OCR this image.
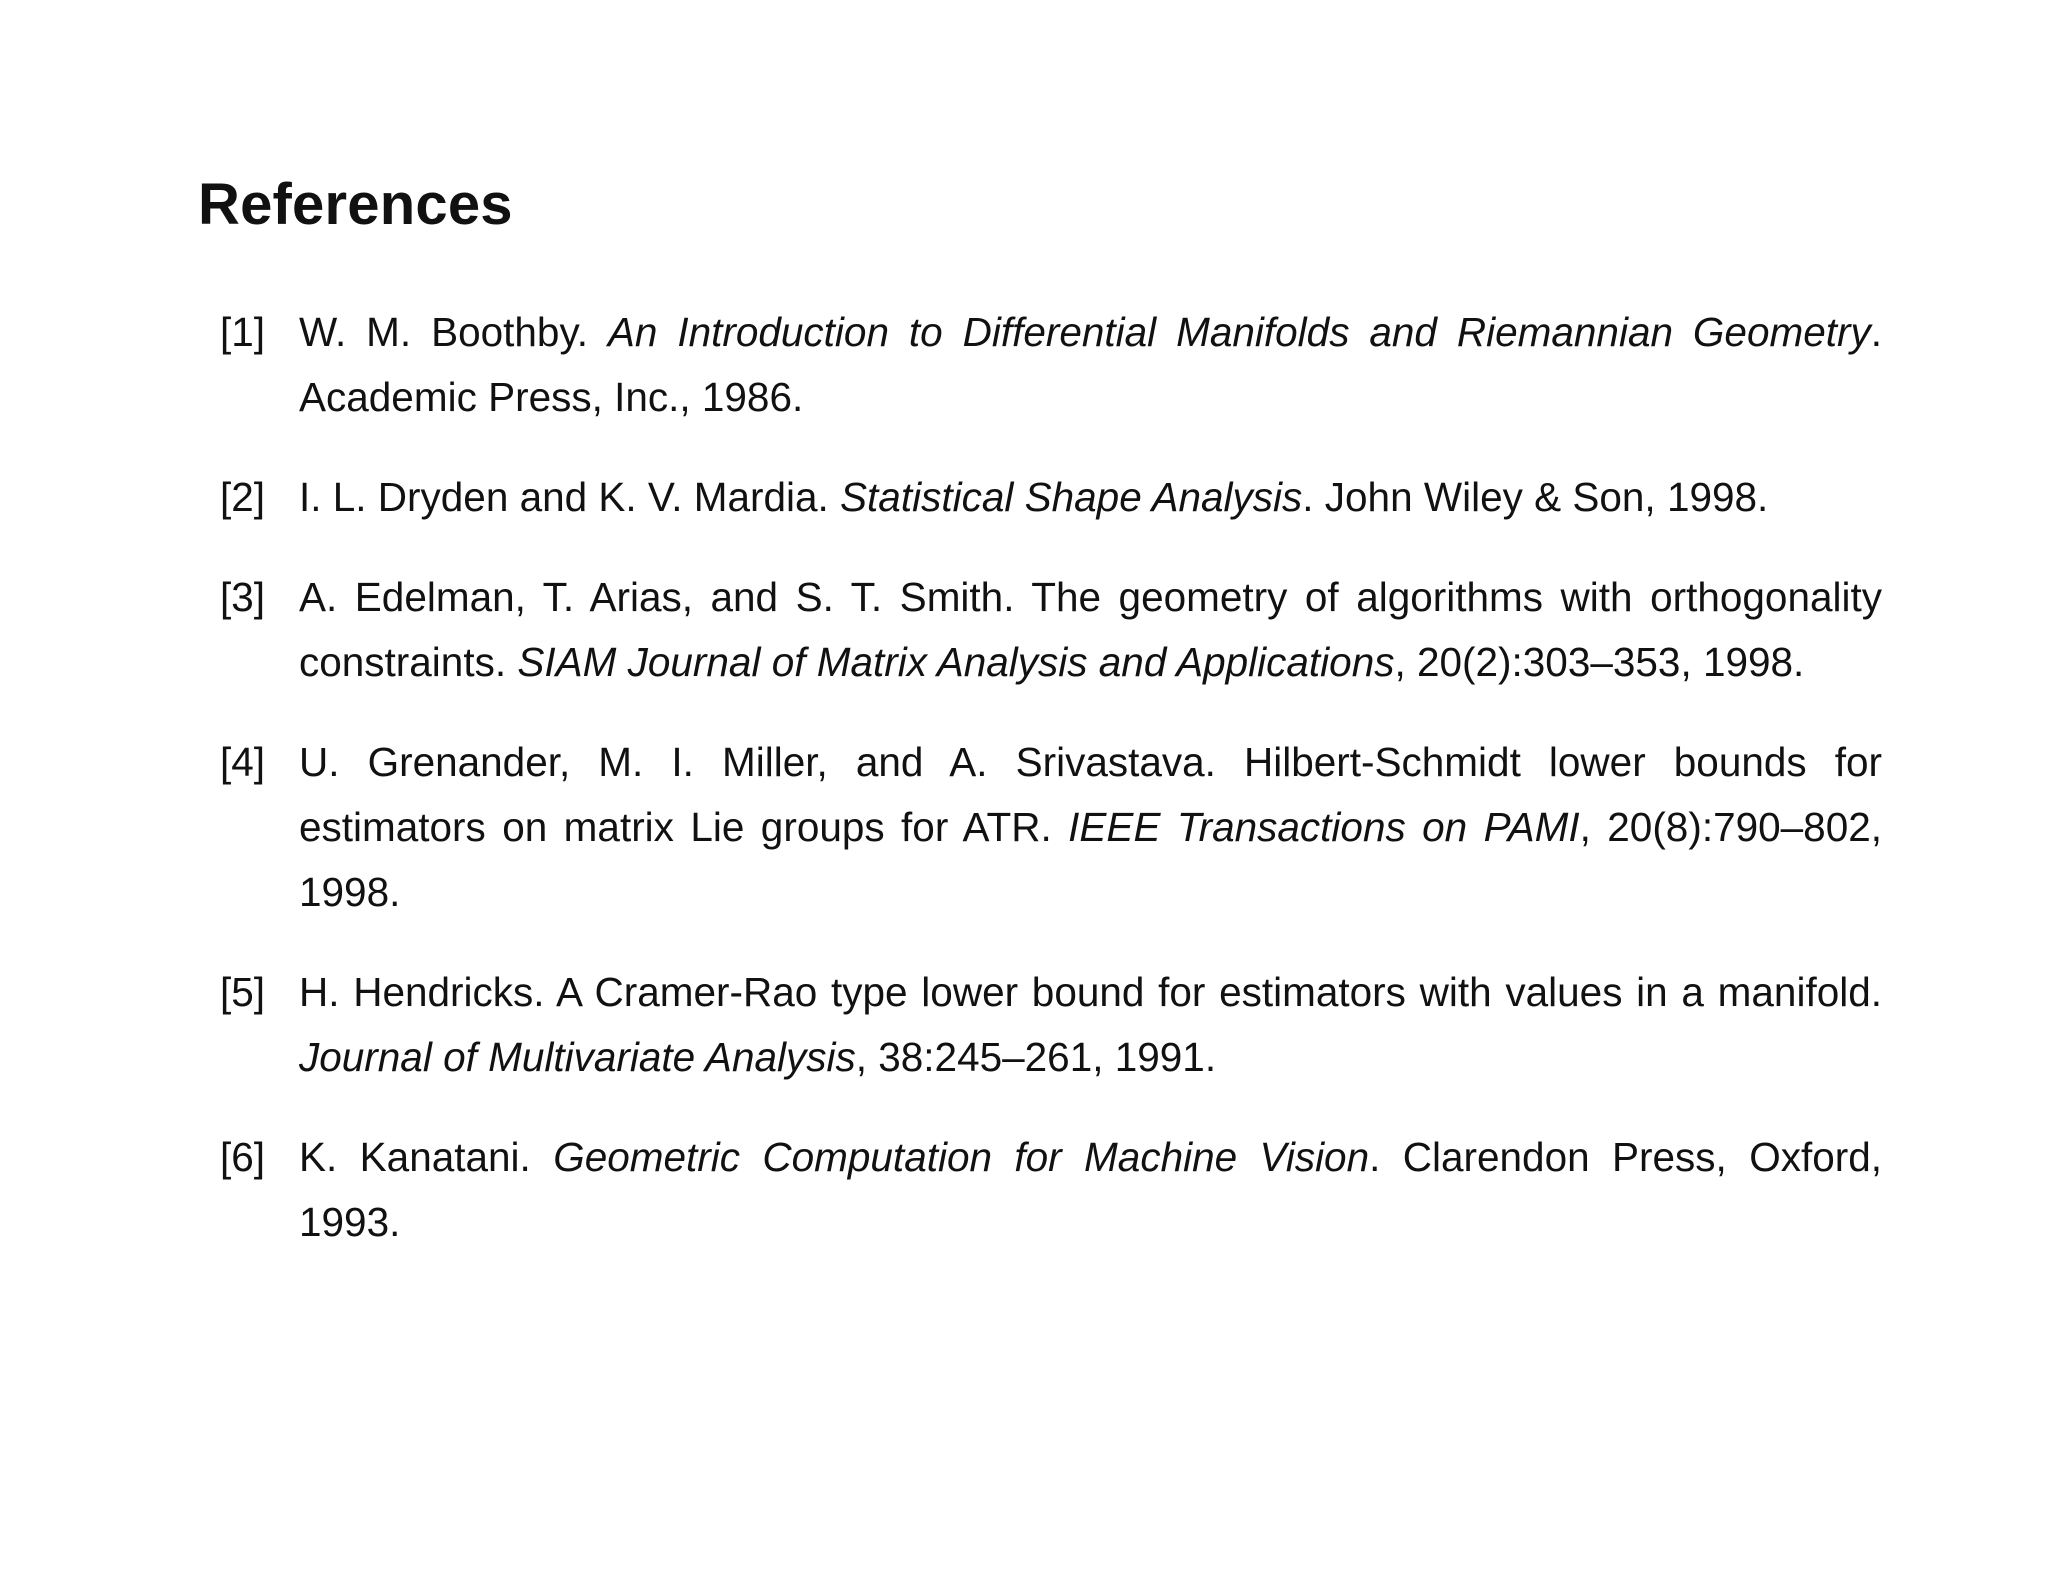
References
[1] W. M. Boothby. An Introduction to Differential Manifolds and Riemannian Geometry. Academic Press, Inc., 1986.
[2] I. L. Dryden and K. V. Mardia. Statistical Shape Analysis. John Wiley & Son, 1998.
[3] A. Edelman, T. Arias, and S. T. Smith. The geometry of algorithms with orthogonality constraints. SIAM Journal of Matrix Analysis and Applications, 20(2):303–353, 1998.
[4] U. Grenander, M. I. Miller, and A. Srivastava. Hilbert-Schmidt lower bounds for estimators on matrix Lie groups for ATR. IEEE Transactions on PAMI, 20(8):790–802, 1998.
[5] H. Hendricks. A Cramer-Rao type lower bound for estimators with values in a manifold. Journal of Multivariate Analysis, 38:245–261, 1991.
[6] K. Kanatani. Geometric Computation for Machine Vision. Clarendon Press, Oxford, 1993.
